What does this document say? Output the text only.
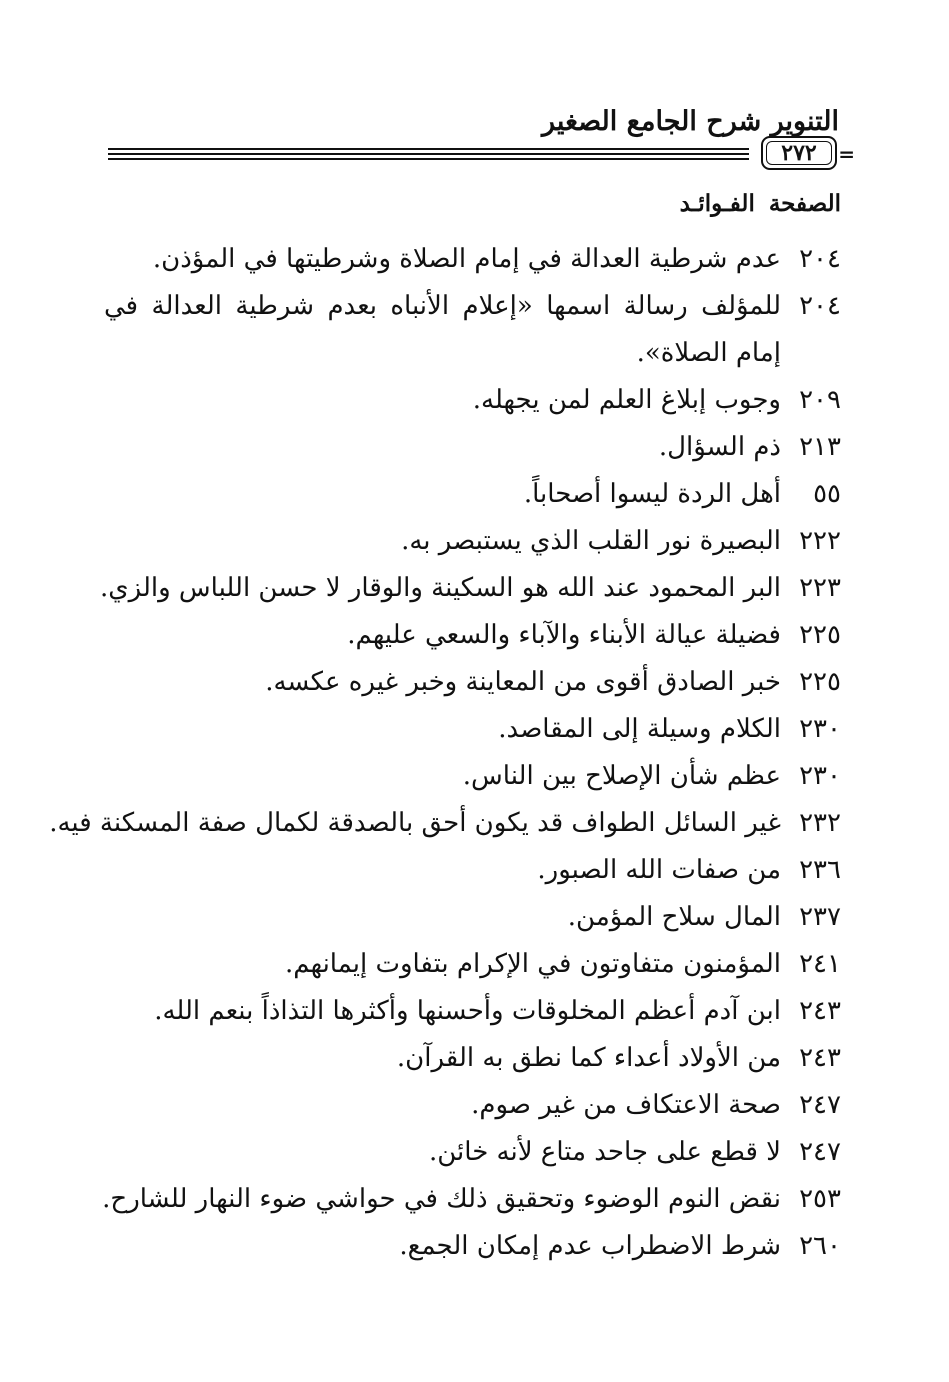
التنوير شرح الجامع الصغير
٢٧٢ =
الصفحة
الفـوائـد
٢٠٤
عدم شرطية العدالة في إمام الصلاة وشرطيتها في المؤذن.
٢٠٤
للمؤلف رسالة اسمها «إعلام الأنباه بعدم شرطية العدالة في إمام الصلاة».
٢٠٩
وجوب إبلاغ العلم لمن يجهله.
٢١٣
ذم السؤال.
٥٥
أهل الردة ليسوا أصحاباً.
٢٢٢
البصيرة نور القلب الذي يستبصر به.
٢٢٣
البر المحمود عند الله هو السكينة والوقار لا حسن اللباس والزي.
٢٢٥
فضيلة عيالة الأبناء والآباء والسعي عليهم.
٢٢٥
خبر الصادق أقوى من المعاينة وخبر غيره عكسه.
٢٣٠
الكلام وسيلة إلى المقاصد.
٢٣٠
عظم شأن الإصلاح بين الناس.
٢٣٢
غير السائل الطواف قد يكون أحق بالصدقة لكمال صفة المسكنة فيه.
٢٣٦
من صفات الله الصبور.
٢٣٧
المال سلاح المؤمن.
٢٤١
المؤمنون متفاوتون في الإكرام بتفاوت إيمانهم.
٢٤٣
ابن آدم أعظم المخلوقات وأحسنها وأكثرها التذاذاً بنعم الله.
٢٤٣
من الأولاد أعداء كما نطق به القرآن.
٢٤٧
صحة الاعتكاف من غير صوم.
٢٤٧
لا قطع على جاحد متاع لأنه خائن.
٢٥٣
نقض النوم الوضوء وتحقيق ذلك في حواشي ضوء النهار للشارح.
٢٦٠
شرط الاضطراب عدم إمكان الجمع.
